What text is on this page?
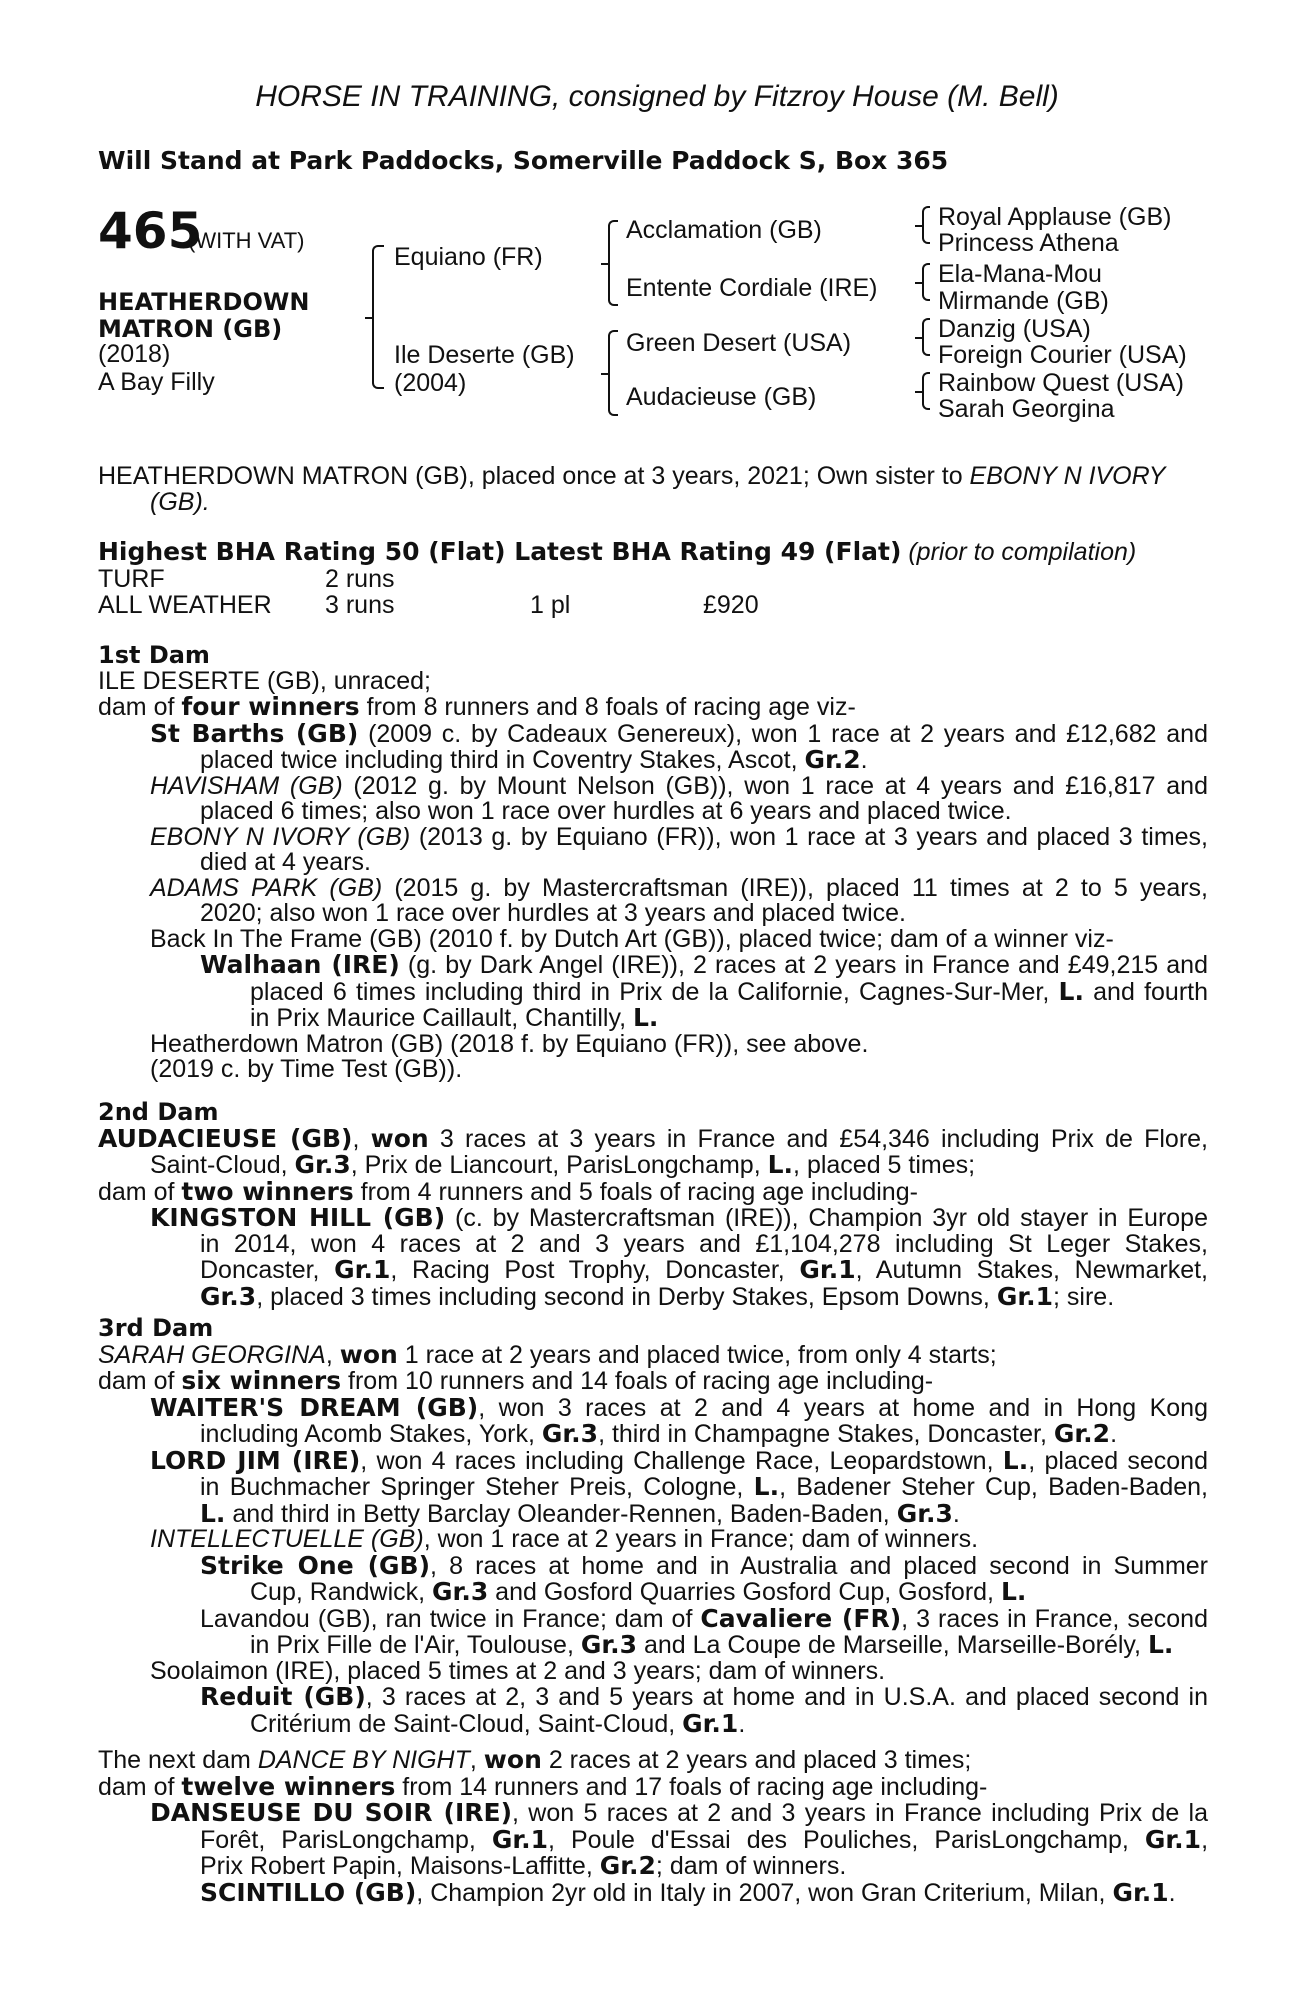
HORSE IN TRAINING, consigned by Fitzroy House (M. Bell)
Will Stand at Park Paddocks, Somerville Paddock S, Box 365
465
(WITH VAT)
HEATHERDOWN
MATRON (GB)
(2018)
A Bay Filly
Equiano (FR)
Ile Deserte (GB)
(2004)
Acclamation (GB)
Entente Cordiale (IRE)
Green Desert (USA)
Audacieuse (GB)
Royal Applause (GB)
Princess Athena
Ela-Mana-Mou
Mirmande (GB)
Danzig (USA)
Foreign Courier (USA)
Rainbow Quest (USA)
Sarah Georgina
HEATHERDOWN MATRON (GB), placed once at 3 years, 2021; Own sister to EBONY N IVORY
(GB).
Highest BHA Rating 50 (Flat) Latest BHA Rating 49 (Flat) (prior to compilation)
TURF	2 runs
ALL WEATHER 3 runs	1 pl	£920
1st Dam
ILE DESERTE (GB), unraced;
dam of four winners from 8 runners and 8 foals of racing age viz-
St Barths (GB) (2009 c. by Cadeaux Genereux), won 1 race at 2 years and £12,682 and
placed twice including third in Coventry Stakes, Ascot, Gr.2.
HAVISHAM (GB) (2012 g. by Mount Nelson (GB)), won 1 race at 4 years and £16,817 and
placed 6 times; also won 1 race over hurdles at 6 years and placed twice.
EBONY N IVORY (GB) (2013 g. by Equiano (FR)), won 1 race at 3 years and placed 3 times,
died at 4 years.
ADAMS PARK (GB) (2015 g. by Mastercraftsman (IRE)), placed 11 times at 2 to 5 years,
2020; also won 1 race over hurdles at 3 years and placed twice.
Back In The Frame (GB) (2010 f. by Dutch Art (GB)), placed twice; dam of a winner viz-
Walhaan (IRE) (g. by Dark Angel (IRE)), 2 races at 2 years in France and £49,215 and
placed 6 times including third in Prix de la Californie, Cagnes-Sur-Mer, L. and fourth
in Prix Maurice Caillault, Chantilly, L.
Heatherdown Matron (GB) (2018 f. by Equiano (FR)), see above.
(2019 c. by Time Test (GB)).
2nd Dam
AUDACIEUSE (GB), won 3 races at 3 years in France and £54,346 including Prix de Flore,
Saint-Cloud, Gr.3, Prix de Liancourt, ParisLongchamp, L., placed 5 times;
dam of two winners from 4 runners and 5 foals of racing age including-
KINGSTON HILL (GB) (c. by Mastercraftsman (IRE)), Champion 3yr old stayer in Europe
in 2014, won 4 races at 2 and 3 years and £1,104,278 including St Leger Stakes,
Doncaster, Gr.1, Racing Post Trophy, Doncaster, Gr.1, Autumn Stakes, Newmarket,
Gr.3, placed 3 times including second in Derby Stakes, Epsom Downs, Gr.1; sire.
3rd Dam
SARAH GEORGINA, won 1 race at 2 years and placed twice, from only 4 starts;
dam of six winners from 10 runners and 14 foals of racing age including-
WAITER'S DREAM (GB), won 3 races at 2 and 4 years at home and in Hong Kong
including Acomb Stakes, York, Gr.3, third in Champagne Stakes, Doncaster, Gr.2.
LORD JIM (IRE), won 4 races including Challenge Race, Leopardstown, L., placed second
in Buchmacher Springer Steher Preis, Cologne, L., Badener Steher Cup, Baden-Baden,
L. and third in Betty Barclay Oleander-Rennen, Baden-Baden, Gr.3.
INTELLECTUELLE (GB), won 1 race at 2 years in France; dam of winners.
Strike One (GB), 8 races at home and in Australia and placed second in Summer
Cup, Randwick, Gr.3 and Gosford Quarries Gosford Cup, Gosford, L.
Lavandou (GB), ran twice in France; dam of Cavaliere (FR), 3 races in France, second
in Prix Fille de l'Air, Toulouse, Gr.3 and La Coupe de Marseille, Marseille-Borély, L.
Soolaimon (IRE), placed 5 times at 2 and 3 years; dam of winners.
Reduit (GB), 3 races at 2, 3 and 5 years at home and in U.S.A. and placed second in
Critérium de Saint-Cloud, Saint-Cloud, Gr.1.
The next dam DANCE BY NIGHT, won 2 races at 2 years and placed 3 times;
dam of twelve winners from 14 runners and 17 foals of racing age including-
DANSEUSE DU SOIR (IRE), won 5 races at 2 and 3 years in France including Prix de la
Forêt, ParisLongchamp, Gr.1, Poule d'Essai des Pouliches, ParisLongchamp, Gr.1,
Prix Robert Papin, Maisons-Laffitte, Gr.2; dam of winners.
SCINTILLO (GB), Champion 2yr old in Italy in 2007, won Gran Criterium, Milan, Gr.1.
